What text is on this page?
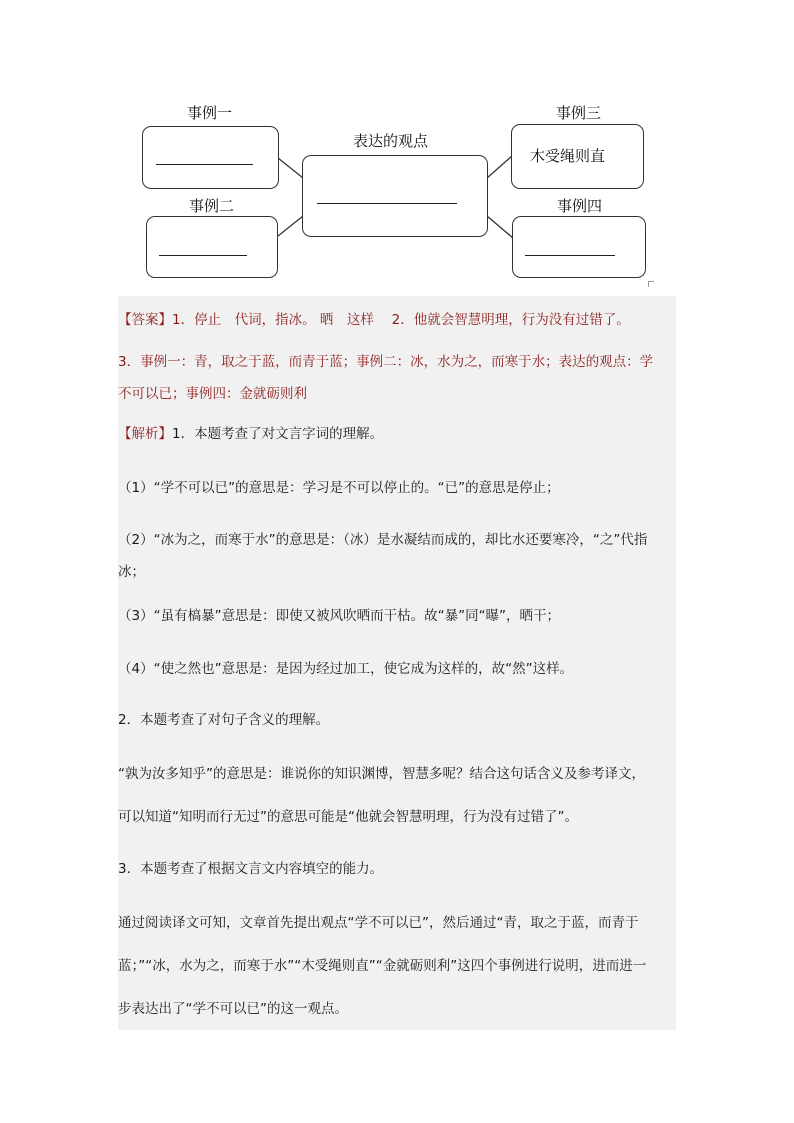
事例一
事例二
表达的观点
事例三
木受绳则直
事例四
【答案】1．停止　代词，指冰。 晒　这样　 2．他就会智慧明理，行为没有过错了。
3．事例一：青，取之于蓝，而青于蓝；事例二：冰，水为之，而寒于水；表达的观点：学
不可以已；事例四：金就砺则利
【解析】1．本题考查了对文言字词的理解。
（1）“学不可以已”的意思是：学习是不可以停止的。“已”的意思是停止；
（2）“冰为之，而寒于水”的意思是：（冰）是水凝结而成的，却比水还要寒冷，“之”代指
冰；
（3）“虽有槁暴”意思是：即使又被风吹晒而干枯。故“暴”同“曝”，晒干；
（4）“使之然也”意思是：是因为经过加工，使它成为这样的，故“然”这样。
2．本题考查了对句子含义的理解。
“孰为汝多知乎”的意思是：谁说你的知识渊博，智慧多呢？结合这句话含义及参考译文，
可以知道“知明而行无过”的意思可能是“他就会智慧明理，行为没有过错了”。
3．本题考查了根据文言文内容填空的能力。
通过阅读译文可知，文章首先提出观点“学不可以已”，然后通过“青，取之于蓝，而青于
蓝；”“冰，水为之，而寒于水”“木受绳则直”“金就砺则利”这四个事例进行说明，进而进一
步表达出了“学不可以已”的这一观点。
